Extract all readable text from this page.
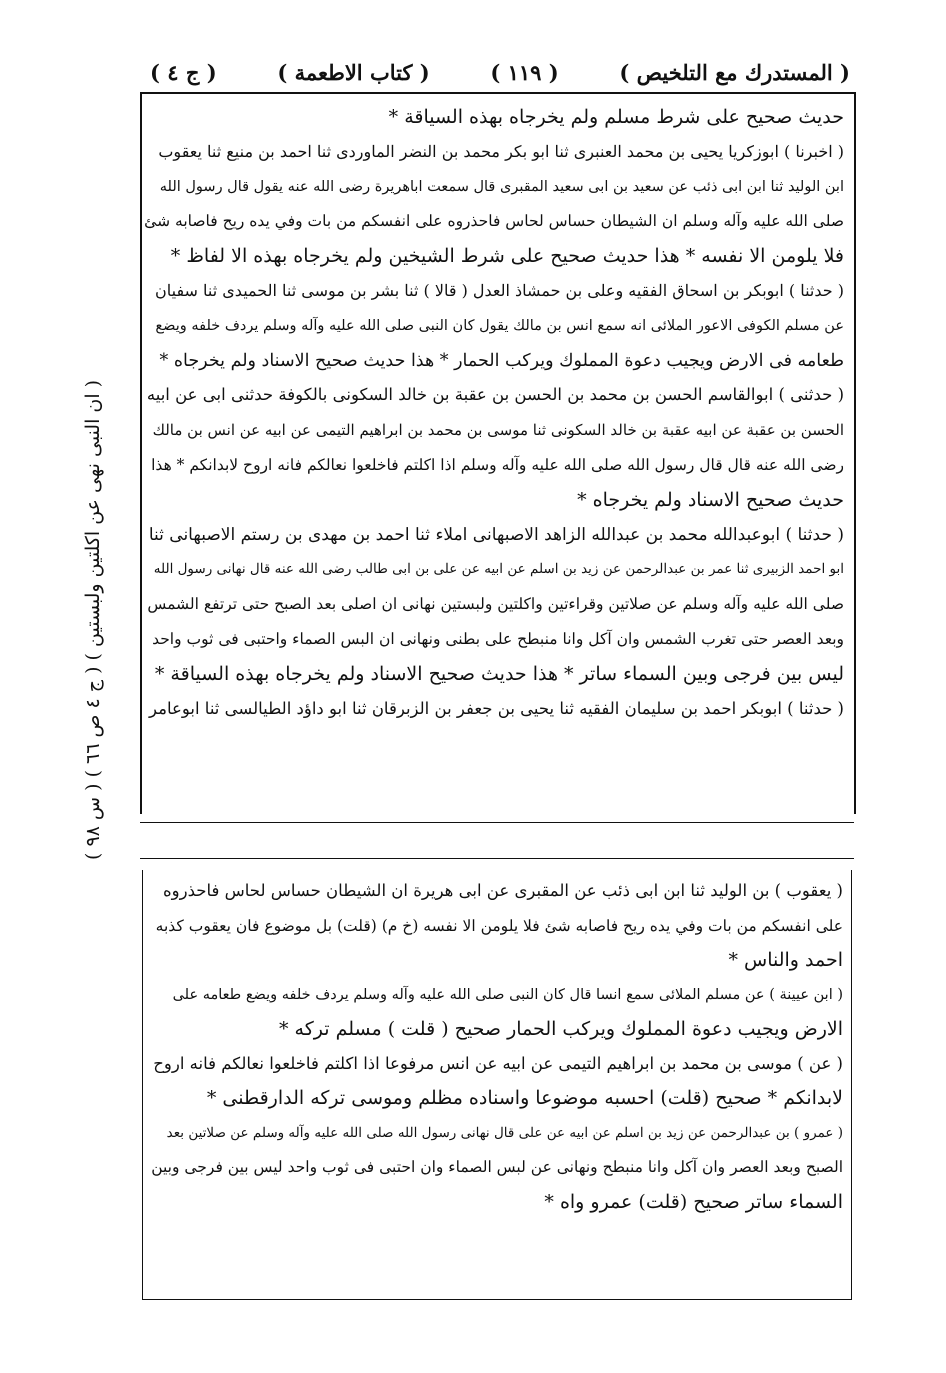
( المستدرك مع التلخيص )
( ١١٩ )
( كتاب الاطعمة )
( ج ٤ )
حديث صحيح على شرط مسلم ولم يخرجاه بهذه السياقة *
( اخبرنا ) ابوزكريا يحيى بن محمد العنبرى ثنا ابو بكر محمد بن النضر الماوردى ثنا احمد بن منيع ثنا يعقوب
ابن الوليد ثنا ابن ابى ذئب عن سعيد بن ابى سعيد المقبرى قال سمعت اباهريرة رضى الله عنه يقول قال رسول الله
صلى الله عليه وآله وسلم ان الشيطان حساس لحاس فاحذروه على انفسكم من بات وفي يده ريح فاصابه شئ
فلا يلومن الا نفسه * هذا حديث صحيح على شرط الشيخين ولم يخرجاه بهذه الا لفاظ *
( حدثنا ) ابوبكر بن اسحاق الفقيه وعلى بن حمشاذ العدل ( قالا ) ثنا بشر بن موسى ثنا الحميدى ثنا سفيان
عن مسلم الكوفى الاعور الملائى انه سمع انس بن مالك يقول كان النبى صلى الله عليه وآله وسلم يردف خلفه ويضع
طعامه فى الارض ويجيب دعوة المملوك ويركب الحمار * هذا حديث صحيح الاسناد ولم يخرجاه *
( حدثنى ) ابوالقاسم الحسن بن محمد بن الحسن بن عقبة بن خالد السكونى بالكوفة حدثنى ابى عن ابيه
الحسن بن عقبة عن ابيه عقبة بن خالد السكونى ثنا موسى بن محمد بن ابراهيم التيمى عن ابيه عن انس بن مالك
رضى الله عنه قال قال رسول الله صلى الله عليه وآله وسلم اذا اكلتم فاخلعوا نعالكم فانه اروح لابدانكم * هذا
حديث صحيح الاسناد ولم يخرجاه *
( حدثنا ) ابوعبدالله محمد بن عبدالله الزاهد الاصبهانى املاء ثنا احمد بن مهدى بن رستم الاصبهانى ثنا
ابو احمد الزبيرى ثنا عمر بن عبدالرحمن عن زيد بن اسلم عن ابيه عن على بن ابى طالب رضى الله عنه قال نهانى رسول الله
صلى الله عليه وآله وسلم عن صلاتين وقراءتين واكلتين ولبستين نهانى ان اصلى بعد الصبح حتى ترتفع الشمس
وبعد العصر حتى تغرب الشمس وان آكل وانا منبطح على بطنى ونهانى ان البس الصماء واحتبى فى ثوب واحد
ليس بين فرجى وبين السماء ساتر * هذا حديث صحيح الاسناد ولم يخرجاه بهذه السياقة *
( حدثنا ) ابوبكر احمد بن سليمان الفقيه ثنا يحيى بن جعفر بن الزبرقان ثنا ابو داؤد الطيالسى ثنا ابوعامر
( يعقوب ) بن الوليد ثنا ابن ابى ذئب عن المقبرى عن ابى هريرة ان الشيطان حساس لحاس فاحذروه
على انفسكم من بات وفي يده ريح فاصابه شئ فلا يلومن الا نفسه (خ م) (قلت) بل موضوع فان يعقوب كذبه
احمد والناس *
( ابن عيينة ) عن مسلم الملائى سمع انسا قال كان النبى صلى الله عليه وآله وسلم يردف خلفه ويضع طعامه على
الارض ويجيب دعوة المملوك ويركب الحمار صحيح ( قلت ) مسلم تركه *
( عن ) موسى بن محمد بن ابراهيم التيمى عن ابيه عن انس مرفوعا اذا اكلتم فاخلعوا نعالكم فانه اروح
لابدانكم * صحيح (قلت) احسبه موضوعا واسناده مظلم وموسى تركه الدارقطنى *
( عمرو ) بن عبدالرحمن عن زيد بن اسلم عن ابيه عن على قال نهانى رسول الله صلى الله عليه وآله وسلم عن صلاتين بعد
الصبح وبعد العصر وان آكل وانا منبطح ونهانى عن لبس الصماء وان احتبى فى ثوب واحد ليس بين فرجى وبين
السماء ساتر صحيح (قلت) عمرو واه *
( ان النبى نهى عن اكلتين ولبستين ) ( ج ٤ ص ٦٦ ) ( س ٩٨ )
